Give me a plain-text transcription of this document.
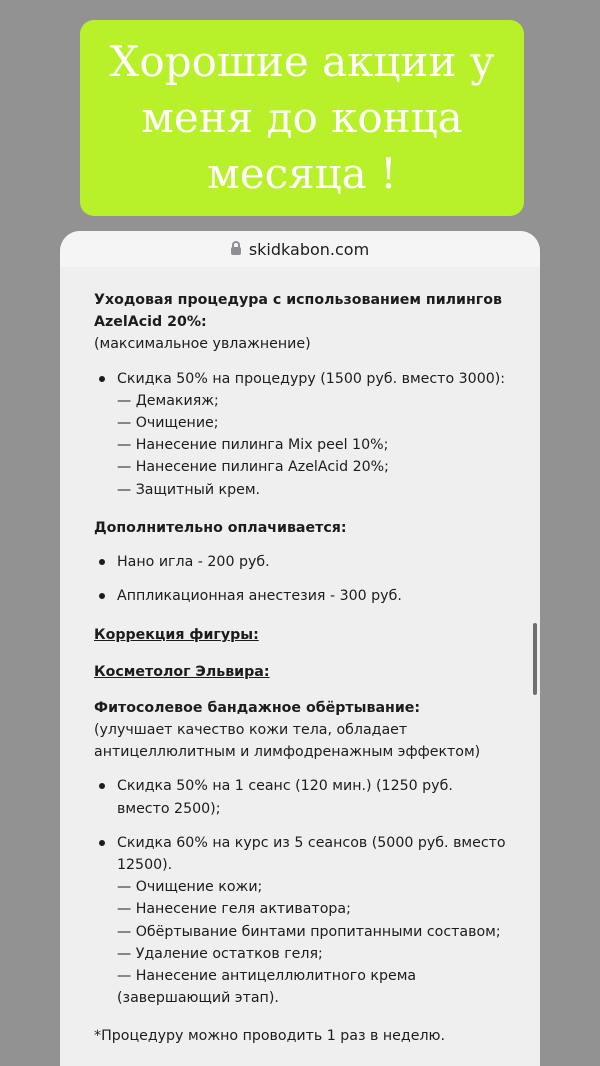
Хорошие акции у
меня до конца
месяца !
skidkabon.com

Уходовая процедура с использованием пилингов AzelAcid 20%:

(максимальное увлажнение)

Скидка 50% на процедуру (1500 руб. вместо 3000):
— Демакияж;
— Очищение;
— Нанесение пилинга Mix peel 10%;
— Нанесение пилинга AzelAcid 20%;
— Защитный крем.

Дополнительно оплачивается:

Нано игла - 200 руб.
Аппликационная анестезия - 300 руб.

Коррекция фигуры:

Косметолог Эльвира:

Фитосолевое бандажное обёртывание:

(улучшает качество кожи тела, обладает антицеллюлитным и лимфодренажным эффектом)

Скидка 50% на 1 сеанс (120 мин.) (1250 руб. вместо 2500);
Скидка 60% на курс из 5 сеансов (5000 руб. вместо 12500).
— Очищение кожи;
— Нанесение геля активатора;
— Обёртывание бинтами пропитанными составом;
— Удаление остатков геля;
— Нанесение антицеллюлитного крема (завершающий этап).

*Процедуру можно проводить 1 раз в неделю.
